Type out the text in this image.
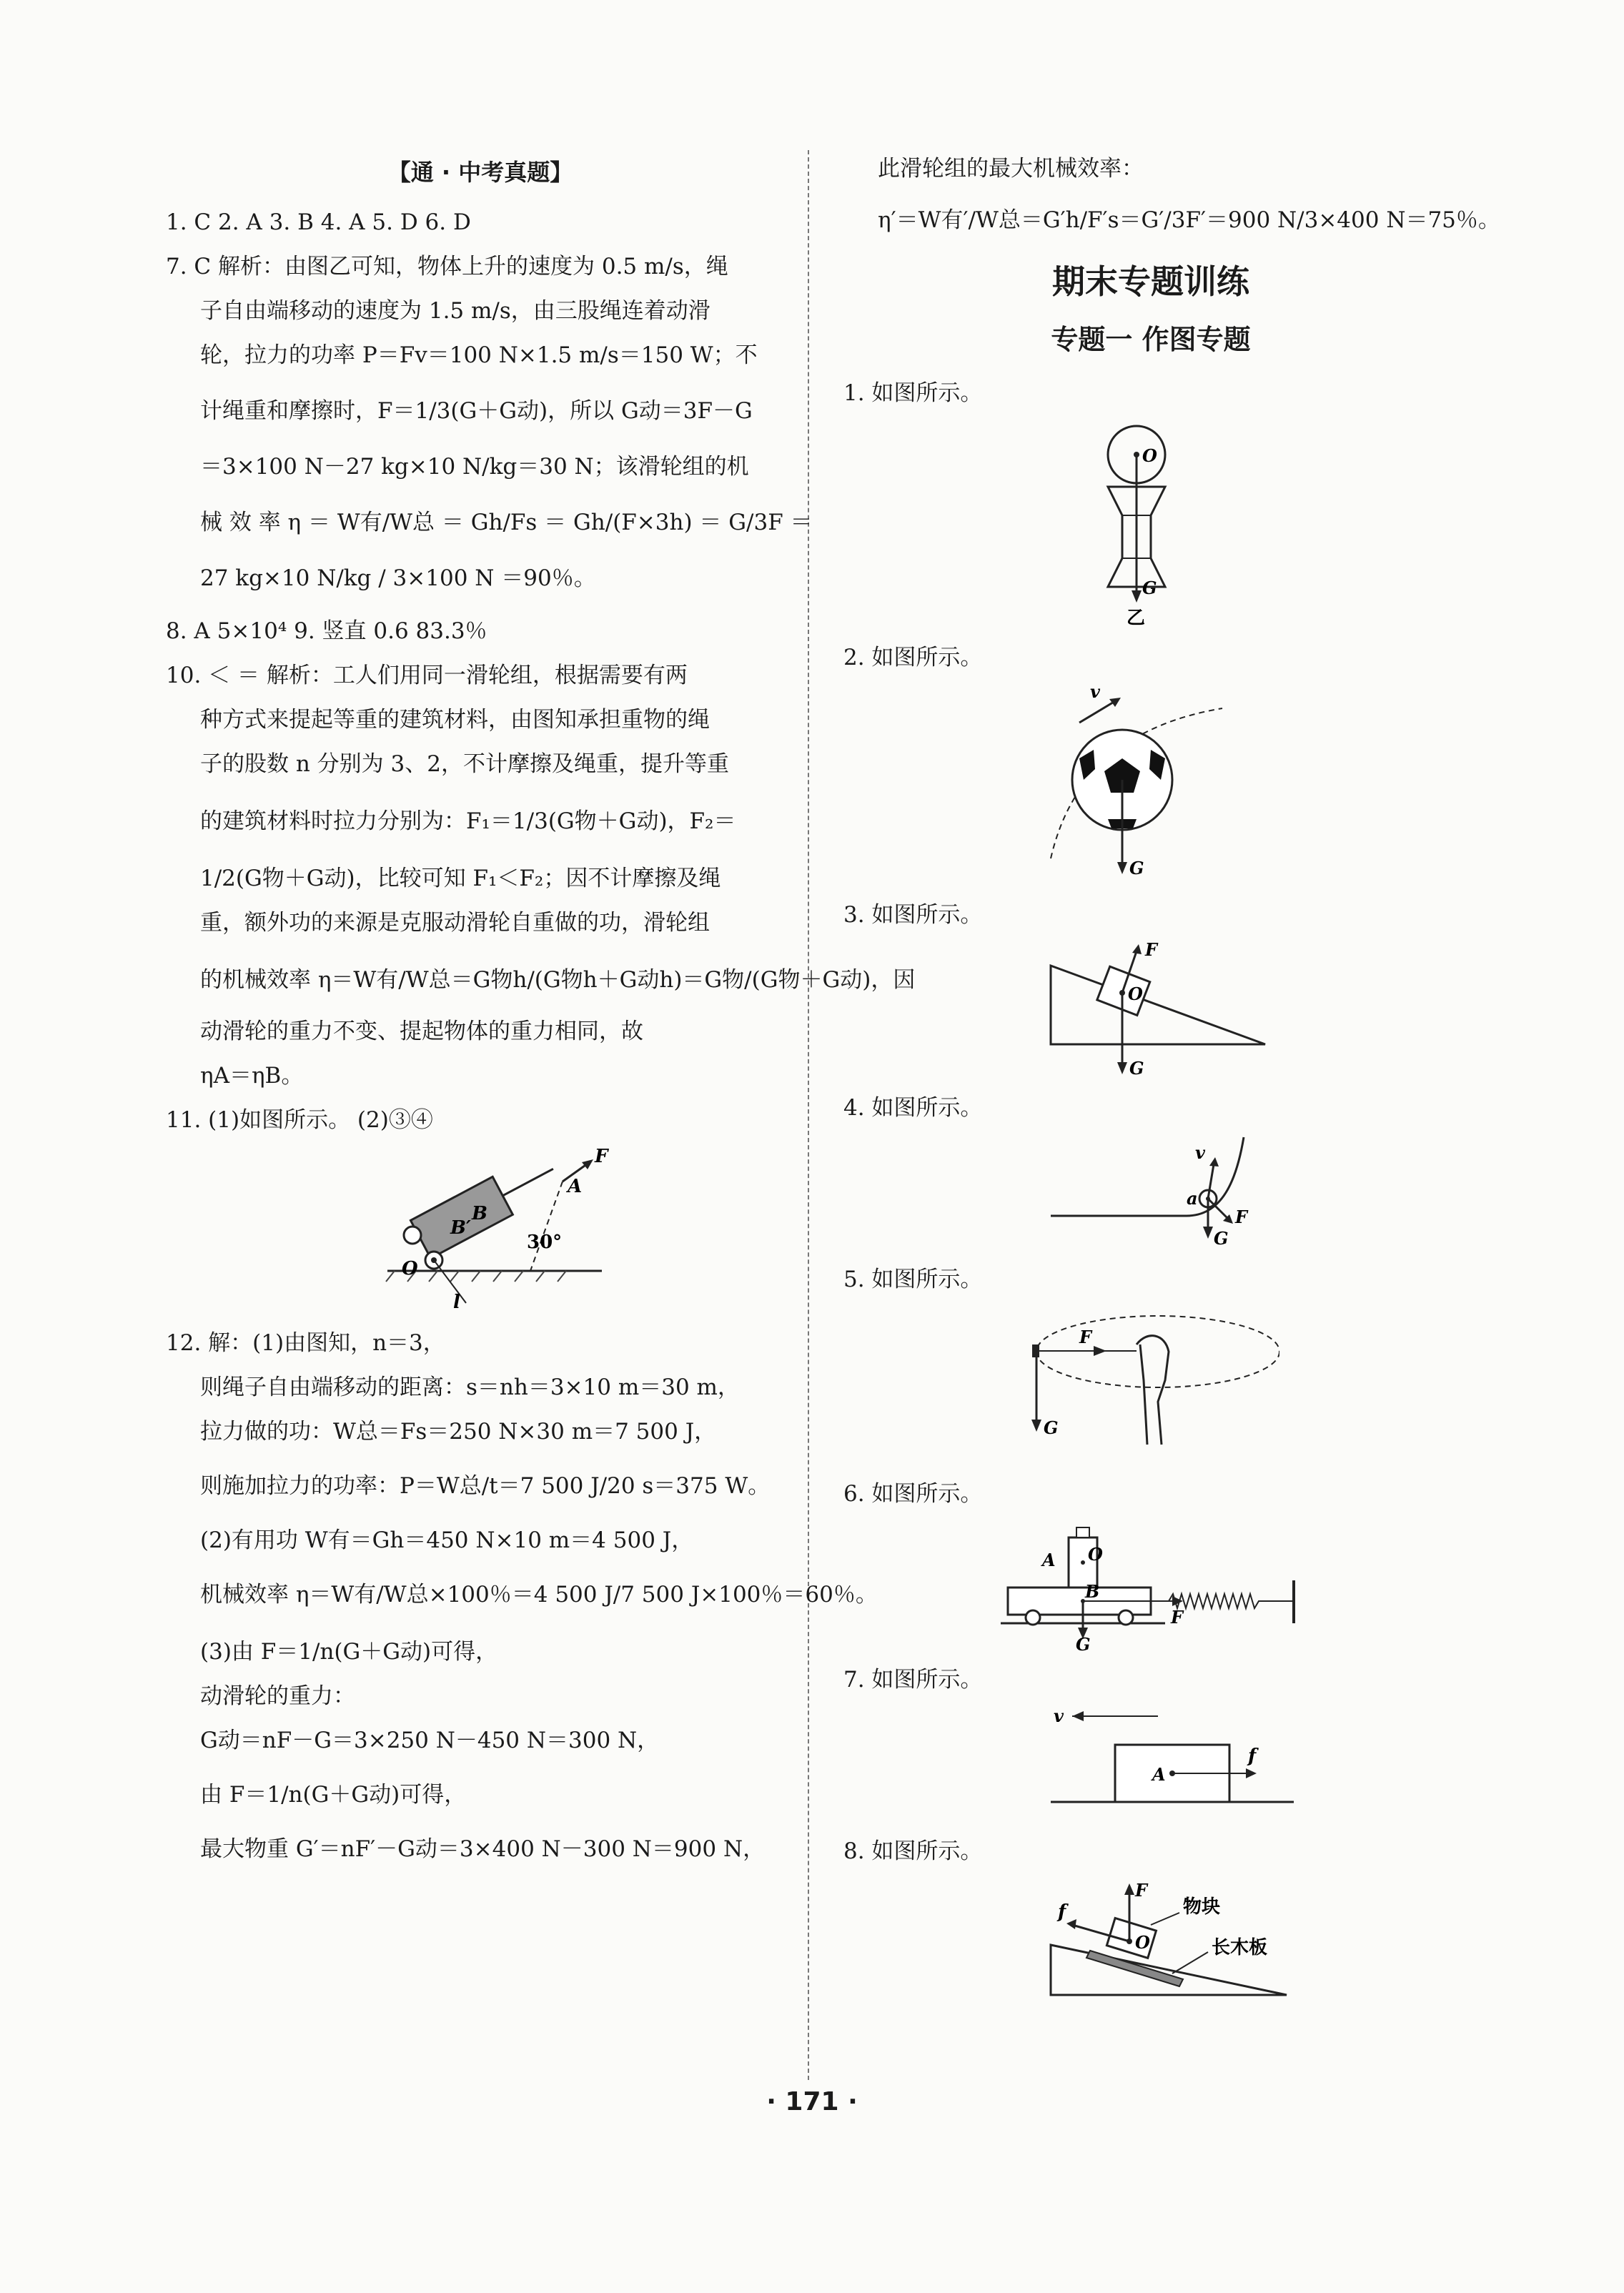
【通 · 中考真题】
1. C 2. A 3. B 4. A 5. D 6. D
7. C 解析：由图乙可知，物体上升的速度为 0.5 m/s，绳
子自由端移动的速度为 1.5 m/s，由三股绳连着动滑
轮，拉力的功率 P＝Fv＝100 N×1.5 m/s＝150 W；不
计绳重和摩擦时，F＝1/3(G＋G动)，所以 G动＝3F－G
＝3×100 N－27 kg×10 N/kg＝30 N；该滑轮组的机
械 效 率 η ＝ W有/W总 ＝ Gh/Fs ＝ Gh/(F×3h) ＝ G/3F ＝
27 kg×10 N/kg / 3×100 N ＝90％。
8. A 5×10⁴ 9. 竖直 0.6 83.3％
10. ＜ ＝ 解析：工人们用同一滑轮组，根据需要有两
种方式来提起等重的建筑材料，由图知承担重物的绳
子的股数 n 分别为 3、2，不计摩擦及绳重，提升等重
的建筑材料时拉力分别为：F₁＝1/3(G物＋G动)，F₂＝
1/2(G物＋G动)，比较可知 F₁＜F₂；因不计摩擦及绳
重，额外功的来源是克服动滑轮自重做的功，滑轮组
的机械效率 η＝W有/W总＝G物h/(G物h＋G动h)＝G物/(G物＋G动)，因
动滑轮的重力不变、提起物体的重力相同，故
ηA＝ηB。
11. (1)如图所示。 (2)③④
F
A
B
B′
30°
O
l
12. 解：(1)由图知，n＝3，
则绳子自由端移动的距离：s＝nh＝3×10 m＝30 m，
拉力做的功：W总＝Fs＝250 N×30 m＝7 500 J，
则施加拉力的功率：P＝W总/t＝7 500 J/20 s＝375 W。
(2)有用功 W有＝Gh＝450 N×10 m＝4 500 J，
机械效率 η＝W有/W总×100％＝4 500 J/7 500 J×100％＝60％。
(3)由 F＝1/n(G＋G动)可得，
动滑轮的重力：
G动＝nF－G＝3×250 N－450 N＝300 N，
由 F＝1/n(G＋G动)可得，
最大物重 G′＝nF′－G动＝3×400 N－300 N＝900 N，
此滑轮组的最大机械效率：
η′＝W有′/W总＝G′h/F′s＝G′/3F′＝900 N/3×400 N＝75％。
期末专题训练
专题一 作图专题
1. 如图所示。
O
G
乙
2. 如图所示。
v
G
3. 如图所示。
F
O
G
4. 如图所示。
v
a
G
F
5. 如图所示。
F
G
6. 如图所示。
A O
B
G
F
7. 如图所示。
v
A
f
8. 如图所示。
F
f
O
物块
长木板
· 171 ·
